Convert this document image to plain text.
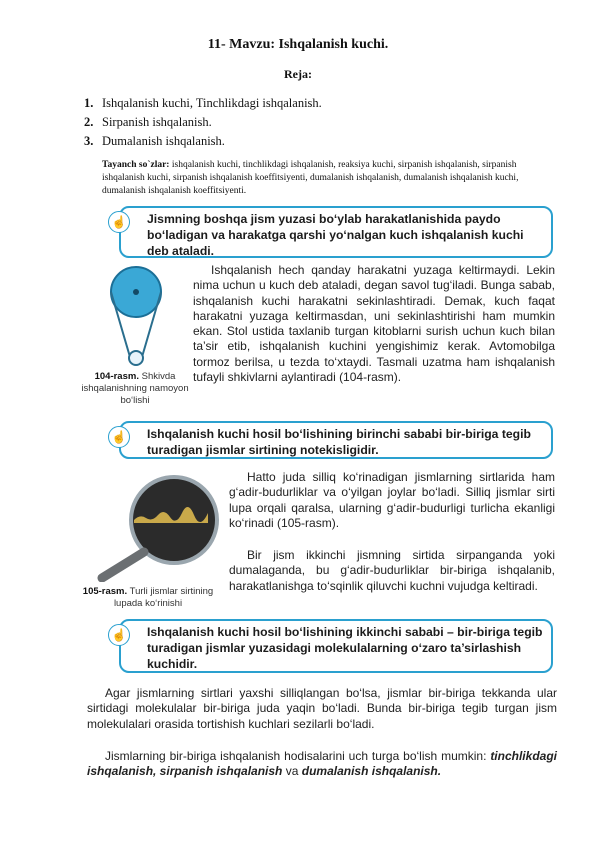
11- Mavzu: Ishqalanish kuchi.
Reja:
1. Ishqalanish kuchi, Tinchlikdagi ishqalanish.
2. Sirpanish ishqalanish.
3. Dumalanish ishqalanish.
Tayanch so`zlar: ishqalanish kuchi, tinchlikdagi ishqalanish, reaksiya kuchi, sirpanish ishqalanish, sirpanish ishqalanish kuchi, sirpanish ishqalanish koeffitsiyenti, dumalanish ishqalanish, dumalanish ishqalanish kuchi, dumalanish ishqalanish koeffitsiyenti.
☝ Jismning boshqa jism yuzasi bo‘ylab harakatlanishida paydo bo‘ladigan va harakatga qarshi yo‘nalgan kuch ishqalanish kuchi deb ataladi.
104-rasm. Shkivda ishqalanishning namoyon bo‘lishi
Ishqalanish hech qanday harakatni yuzaga keltirmaydi. Lekin nima uchun u kuch deb ataladi, degan savol tug‘iladi. Bunga sabab, ishqalanish kuchi harakatni sekinlashtiradi. Demak, kuch faqat harakatni yuzaga keltirmasdan, uni sekinlashtirishi ham mumkin ekan. Stol ustida taxlanib turgan kitoblarni surish uchun kuch bilan ta’sir etib, ishqalanish kuchini yengishimiz kerak. Avtomobilga tormoz berilsa, u tezda to‘xtaydi. Tasmali uzatma ham ishqalanish tufayli shkivlarni aylantiradi (104-rasm).
☝ Ishqalanish kuchi hosil bo‘lishining birinchi sababi bir-biriga tegib turadigan jismlar sirtining notekisligidir.
105-rasm. Turli jismlar sirtining lupada ko‘rinishi
Hatto juda silliq ko‘rinadigan jismlarning sirtlarida ham g‘adir-budurliklar va o‘yilgan joylar bo‘ladi. Silliq jismlar sirti lupa orqali qaralsa, ularning g‘adir-budurligi turlicha ekanligi ko‘rinadi (105-rasm).
Bir jism ikkinchi jismning sirtida sirpanganda yoki dumalaganda, bu g‘adir-budurliklar bir-biriga ishqalanib, harakatlanishga to‘sqinlik qiluvchi kuchni vujudga keltiradi.
☝ Ishqalanish kuchi hosil bo‘lishining ikkinchi sababi – bir-biriga tegib turadigan jismlar yuzasidagi molekulalarning o‘zaro ta’sirlashish kuchidir.
Agar jismlarning sirtlari yaxshi silliqlangan bo‘lsa, jismlar bir-biriga tekkanda ular sirtidagi molekulalar bir-biriga juda yaqin bo‘ladi. Bunda bir-biriga tegib turgan jism molekulalari orasida tortishish kuchlari sezilarli bo‘ladi.
Jismlarning bir-biriga ishqalanish hodisalarini uch turga bo‘lish mumkin: tinchlikdagi ishqalanish, sirpanish ishqalanish va dumalanish ishqalanish.
